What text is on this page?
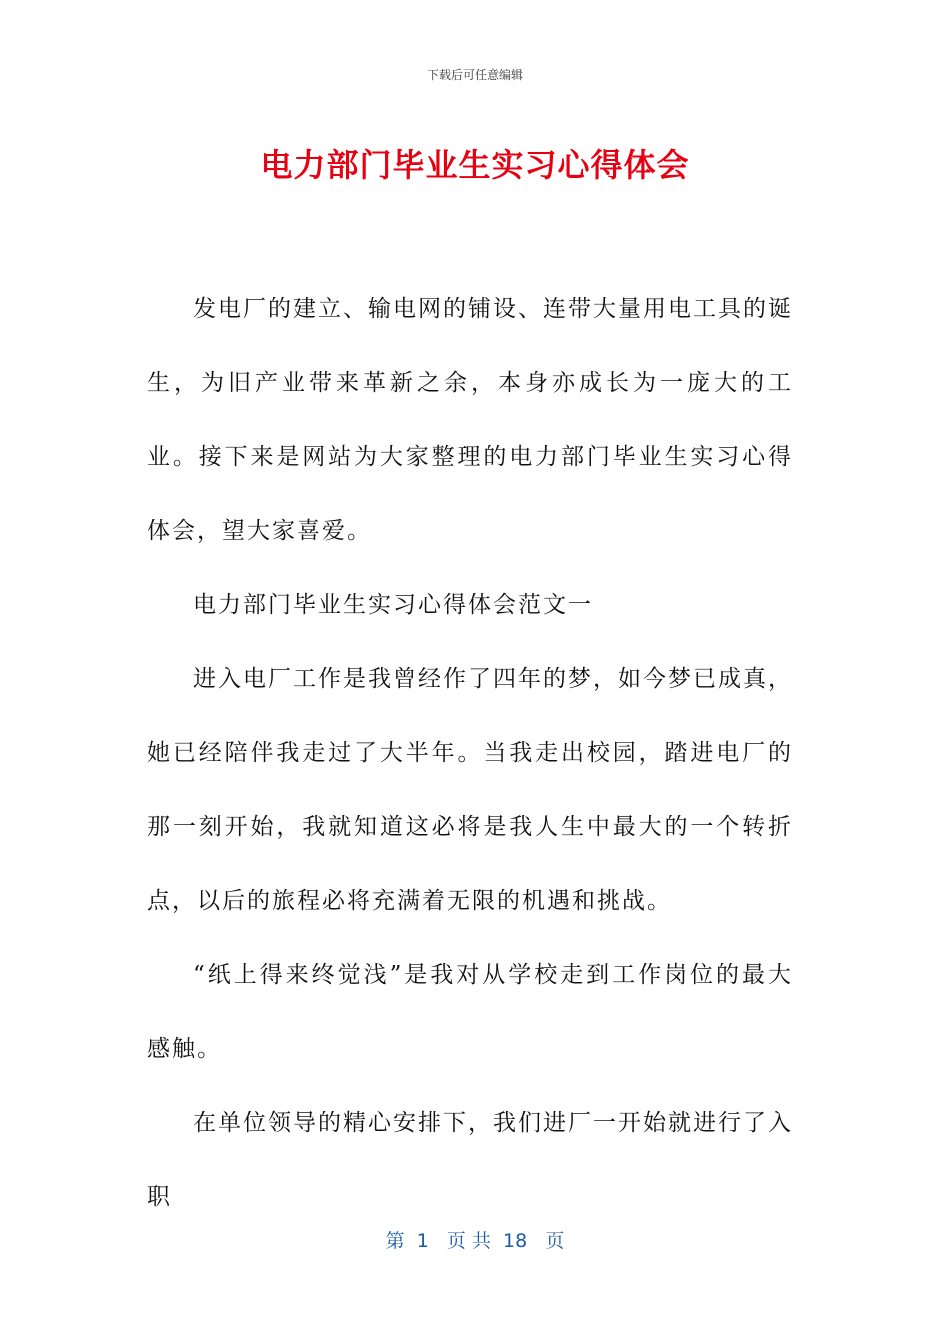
下载后可任意编辑
电力部门毕业生实习心得体会

发电厂的建立、输电网的铺设、连带大量用电工具的诞生，为旧产业带来革新之余，本身亦成长为一庞大的工业。接下来是网站为大家整理的电力部门毕业生实习心得体会，望大家喜爱。

电力部门毕业生实习心得体会范文一

进入电厂工作是我曾经作了四年的梦，如今梦已成真，她已经陪伴我走过了大半年。当我走出校园，踏进电厂的那一刻开始，我就知道这必将是我人生中最大的一个转折点，以后的旅程必将充满着无限的机遇和挑战。

“纸上得来终觉浅”是我对从学校走到工作岗位的最大感触。

在单位领导的精心安排下，我们进厂一开始就进行了入职

第  1   页 共  18   页
